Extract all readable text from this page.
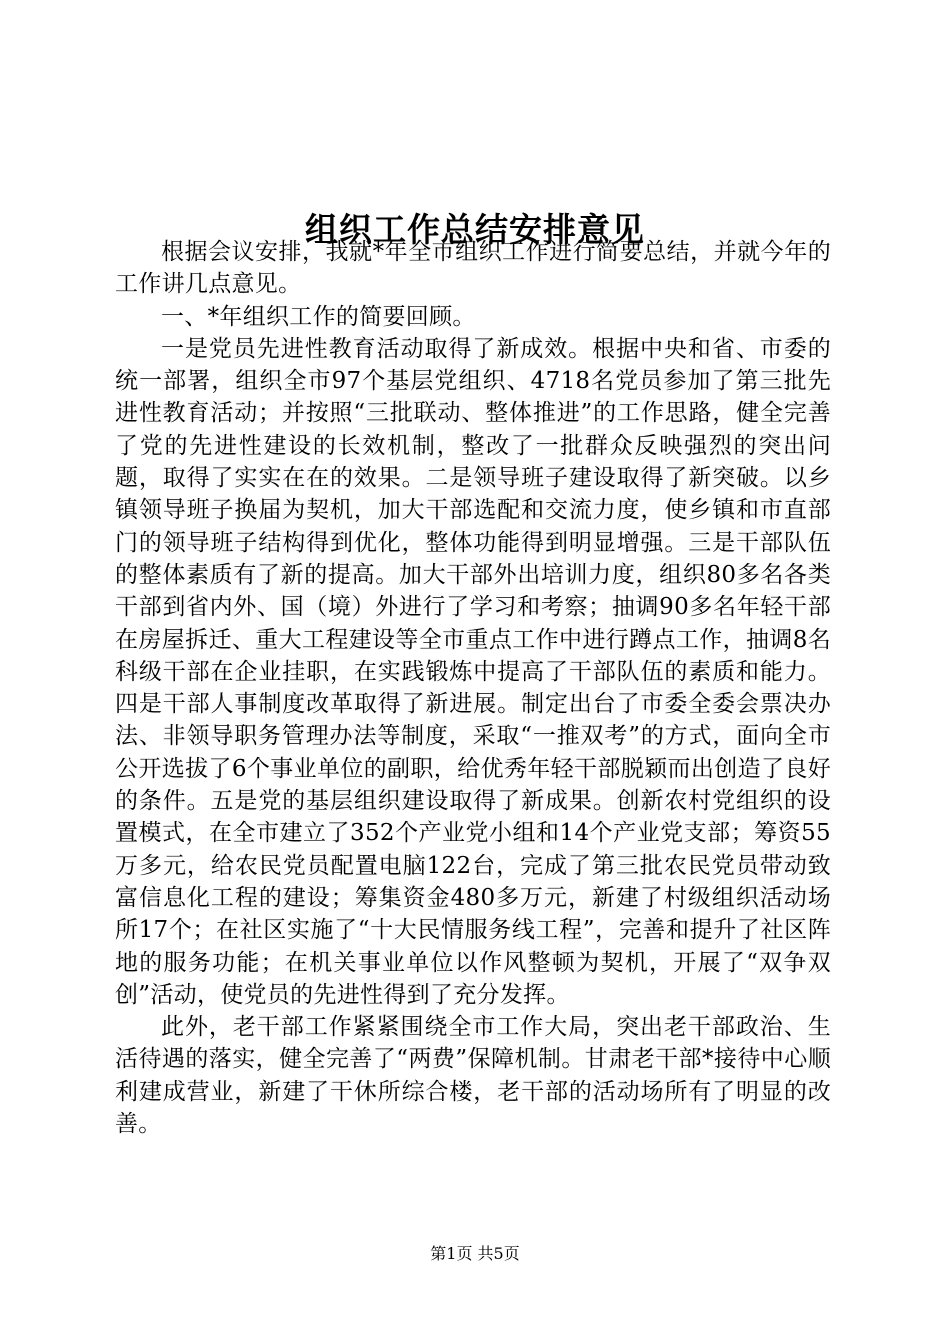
组织工作总结安排意见

根据会议安排，我就*年全市组织工作进行简要总结，并就今年的工作讲几点意见。

一、*年组织工作的简要回顾。

一是党员先进性教育活动取得了新成效。根据中央和省、市委的统一部署，组织全市97个基层党组织、4718名党员参加了第三批先进性教育活动；并按照“三批联动、整体推进”的工作思路，健全完善了党的先进性建设的长效机制，整改了一批群众反映强烈的突出问题，取得了实实在在的效果。二是领导班子建设取得了新突破。以乡镇领导班子换届为契机，加大干部选配和交流力度，使乡镇和市直部门的领导班子结构得到优化，整体功能得到明显增强。三是干部队伍的整体素质有了新的提高。加大干部外出培训力度，组织80多名各类干部到省内外、国（境）外进行了学习和考察；抽调90多名年轻干部在房屋拆迁、重大工程建设等全市重点工作中进行蹲点工作，抽调8名科级干部在企业挂职，在实践锻炼中提高了干部队伍的素质和能力。四是干部人事制度改革取得了新进展。制定出台了市委全委会票决办法、非领导职务管理办法等制度，采取“一推双考”的方式，面向全市公开选拔了6个事业单位的副职，给优秀年轻干部脱颖而出创造了良好的条件。五是党的基层组织建设取得了新成果。创新农村党组织的设置模式，在全市建立了352个产业党小组和14个产业党支部；筹资55万多元，给农民党员配置电脑122台，完成了第三批农民党员带动致富信息化工程的建设；筹集资金480多万元，新建了村级组织活动场所17个；在社区实施了“十大民情服务线工程”，完善和提升了社区阵地的服务功能；在机关事业单位以作风整顿为契机，开展了“双争双创”活动，使党员的先进性得到了充分发挥。

此外，老干部工作紧紧围绕全市工作大局，突出老干部政治、生活待遇的落实，健全完善了“两费”保障机制。甘肃老干部*接待中心顺利建成营业，新建了干休所综合楼，老干部的活动场所有了明显的改善。

第1页 共5页
